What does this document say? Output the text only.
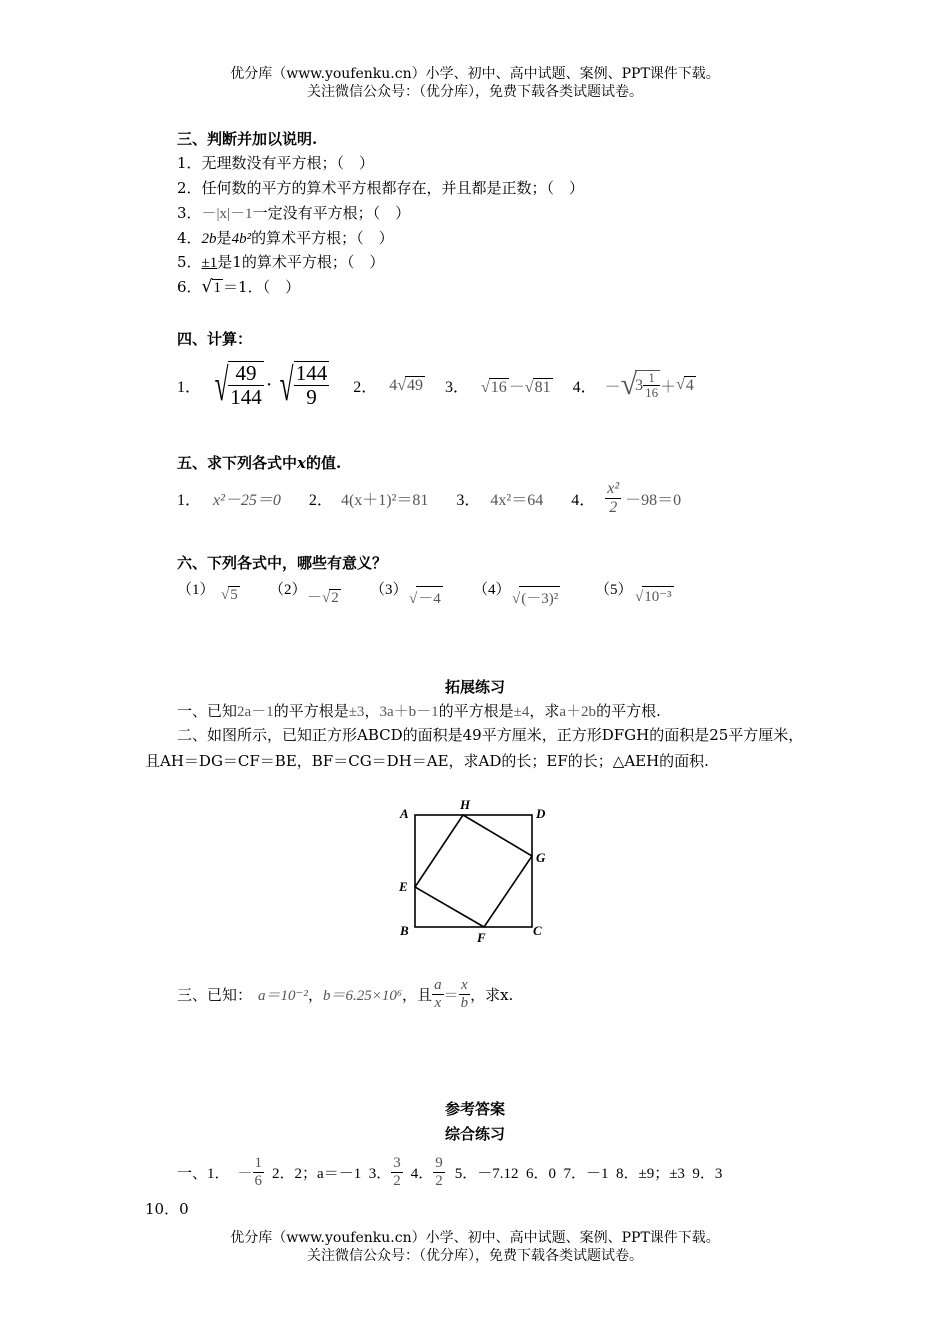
优分库（www.youfenku.cn）小学、初中、高中试题、案例、PPT课件下载。
关注微信公众号：（优分库），免费下载各类试题试卷。
三、判断并加以说明.
1．无理数没有平方根；（　）
2．任何数的平方的算术平方根都存在，并且都是正数；（　）
3．－|x|－1一定没有平方根；（　）
4．2b是4b²的算术平方根；（　）
5．±1是1的算术平方根；（　）
6．√1 ＝1．（　）
四、计算：
1． √ $\frac{49}{144}$ · √ $\frac{144}{9} 2$． 4√49 3． √16 －√81 4． － √
$3 \frac{1}{16}$ ＋ √ 4
五、求下列各式中x的值.
1． x²－25＝0 2． 4(x＋1)²＝81 3． 4x²＝64 4． $\frac{\text{x²}}{2} -98=0$
六、下列各式中，哪些有意义？
（1） √5 （2） －√2 （3）
√－4
（4）
√(－3)²
（5） √10⁻³
拓展练习
一、已知2a－1的平方根是±3，3a＋b－1的平方根是±4，求a＋2b的平方根.
二、如图所示，已知正方形ABCD的面积是49平方厘米，正方形DFGH的面积是25平方厘米，且AH＝DG＝CF＝BE，BF＝CG＝DH＝AE，求AD的长；EF的长；△AEH的面积.
A
H
D
G
E
B	F	C
三、已知： a＝10⁻² ， b＝6.25×10⁶ ，且 $\frac{a}{x} = \frac{x}{b}$ ，求x.
参考答案
综合练习
一、1． － $\frac{1}{6} 2$．2；a＝－1  3． $\frac{3}{2} 4$． $\frac{9}{2} 5$．－7.12  6．0  7．－1  8．±9；±3  9．3
10．0
优分库（www.youfenku.cn）小学、初中、高中试题、案例、PPT课件下载。
关注微信公众号：（优分库），免费下载各类试题试卷。
